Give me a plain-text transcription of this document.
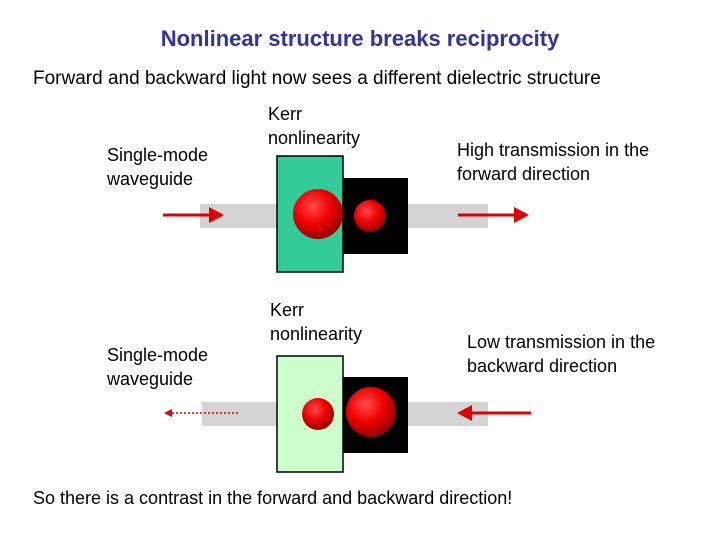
Nonlinear structure breaks reciprocity
Forward and backward light now sees a different dielectric structure
Single-mode waveguide
Kerr nonlinearity
High transmission in the forward direction
Single-mode waveguide
Kerr nonlinearity	Low transmission in the backward direction
So there is a contrast in the forward and backward direction!
